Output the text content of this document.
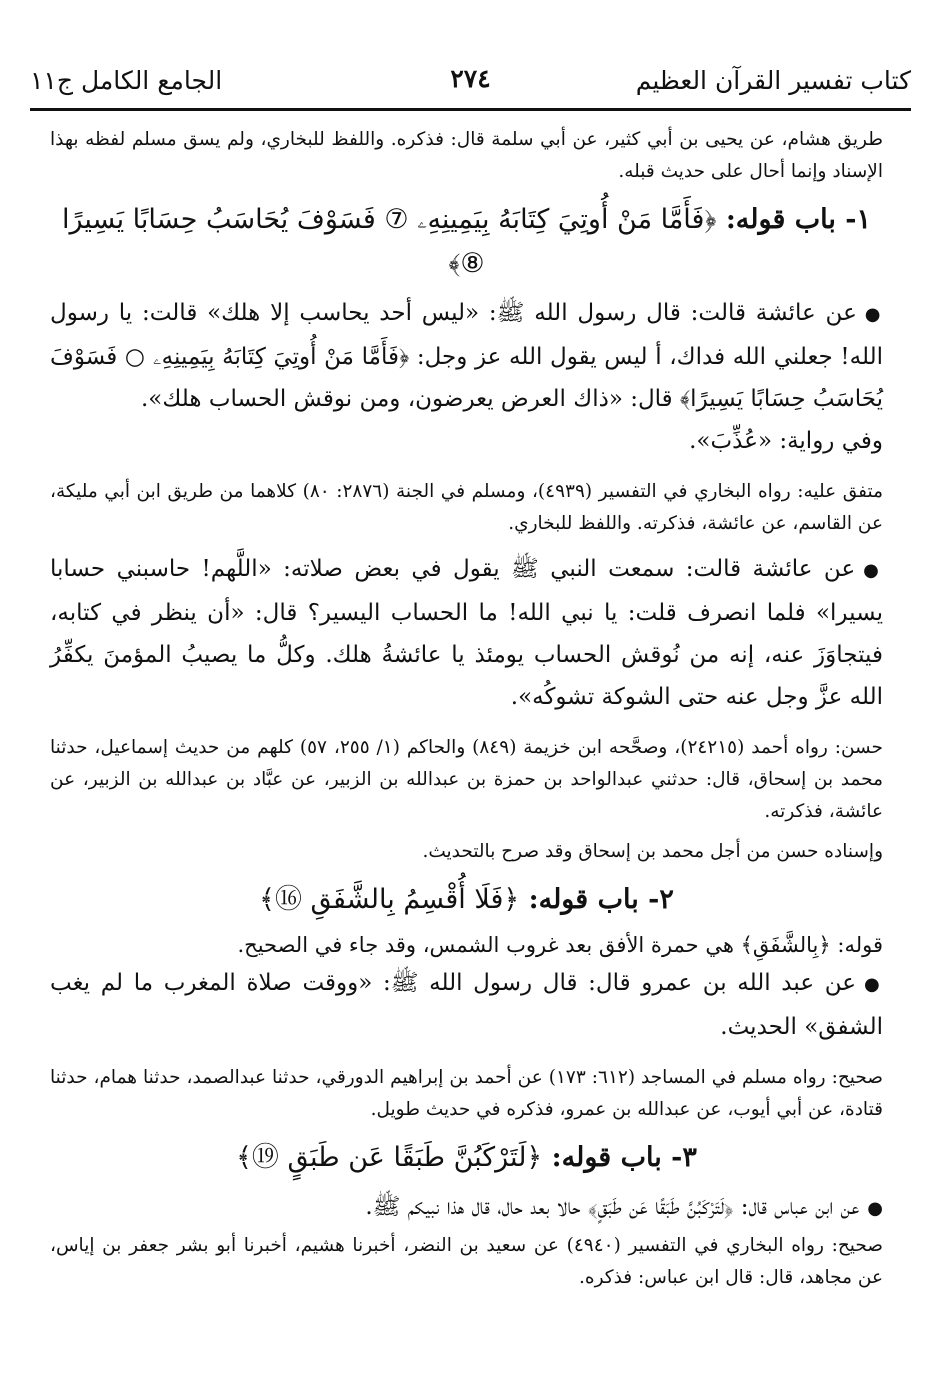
كتاب تفسير القرآن العظيم
٢٧٤
الجامع الكامل ج١١

طريق هشام، عن يحيى بن أبي كثير، عن أبي سلمة قال: فذكره. واللفظ للبخاري، ولم يسق مسلم لفظه بهذا الإسناد وإنما أحال على حديث قبله.

١- باب قوله: ﴿فَأَمَّا مَنْ أُوتِيَ كِتَابَهُ بِيَمِينِهِۦ ⑦ فَسَوْفَ يُحَاسَبُ حِسَابًا يَسِيرًا ⑧﴾

●عن عائشة قالت: قال رسول الله ﷺ: «ليس أحد يحاسب إلا هلك» قالت: يا رسول الله! جعلني الله فداك، أ ليس يقول الله عز وجل: ﴿فَأَمَّا مَنْ أُوتِيَ كِتَابَهُ بِيَمِينِهِۦ ○ فَسَوْفَ يُحَاسَبُ حِسَابًا يَسِيرًا﴾ قال: «ذاك العرض يعرضون، ومن نوقش الحساب هلك».

وفي رواية: «عُذِّبَ».

متفق عليه: رواه البخاري في التفسير (٤٩٣٩)، ومسلم في الجنة (٢٨٧٦: ٨٠) كلاهما من طريق ابن أبي مليكة، عن القاسم، عن عائشة، فذكرته. واللفظ للبخاري.

●عن عائشة قالت: سمعت النبي ﷺ يقول في بعض صلاته: «اللَّهم! حاسبني حسابا يسيرا» فلما انصرف قلت: يا نبي الله! ما الحساب اليسير؟ قال: «أن ينظر في كتابه، فيتجاوَزَ عنه، إنه من نُوقش الحساب يومئذ يا عائشةُ هلك. وكلُّ ما يصيبُ المؤمنَ يكفِّرُ الله عزَّ وجل عنه حتى الشوكة تشوكُه».

حسن: رواه أحمد (٢٤٢١٥)، وصحَّحه ابن خزيمة (٨٤٩) والحاكم (١/ ٢٥٥، ٥٧) كلهم من حديث إسماعيل، حدثنا محمد بن إسحاق، قال: حدثني عبدالواحد بن حمزة بن عبدالله بن الزبير، عن عبَّاد بن عبدالله بن الزبير، عن عائشة، فذكرته.

وإسناده حسن من أجل محمد بن إسحاق وقد صرح بالتحديث.

٢- باب قوله: ﴿فَلَا أُقْسِمُ بِالشَّفَقِ ⑯﴾

قوله: ﴿بِالشَّفَقِ﴾ هي حمرة الأفق بعد غروب الشمس، وقد جاء في الصحيح.

●عن عبد الله بن عمرو قال: قال رسول الله ﷺ: «ووقت صلاة المغرب ما لم يغب الشفق» الحديث.

صحيح: رواه مسلم في المساجد (٦١٢: ١٧٣) عن أحمد بن إبراهيم الدورقي، حدثنا عبدالصمد، حدثنا همام، حدثنا قتادة، عن أبي أيوب، عن عبدالله بن عمرو، فذكره في حديث طويل.

٣- باب قوله: ﴿لَتَرْكَبُنَّ طَبَقًا عَن طَبَقٍ ⑲﴾

●عن ابن عباس قال: ﴿لَتَرْكَبُنَّ طَبَقًا عَن طَبَقٍ﴾ حالا بعد حال، قال هذا نبيكم ﷺ.

صحيح: رواه البخاري في التفسير (٤٩٤٠) عن سعيد بن النضر، أخبرنا هشيم، أخبرنا أبو بشر جعفر بن إياس، عن مجاهد، قال: قال ابن عباس: فذكره.
